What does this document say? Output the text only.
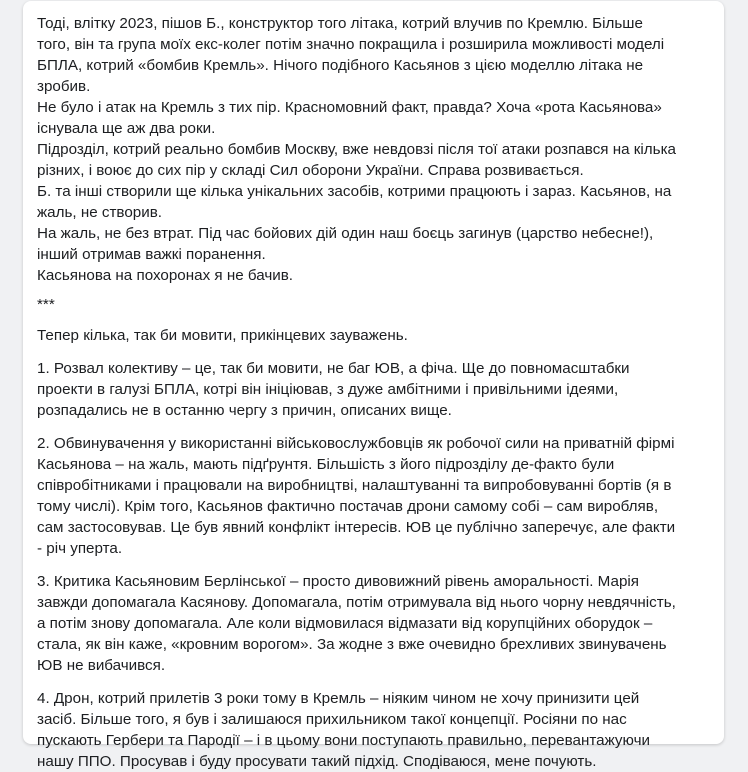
Тоді, влітку 2023, пішов Б., конструктор того літака, котрий влучив по Кремлю. Більше

того, він та група моїх екс-колег потім значно покращила і розширила можливості моделі

БПЛА, котрий «бомбив Кремль». Нічого подібного Касьянов з цією моделлю літака не

зробив.

Не було і атак на Кремль з тих пір. Красномовний факт, правда? Хоча «рота Касьянова»

існувала ще аж два роки.

Підрозділ, котрий реально бомбив Москву, вже невдовзі після тої атаки розпався на кілька

різних, і воює до сих пір у складі Сил оборони України. Справа розвивається.

Б. та інші створили ще кілька унікальних засобів, котрими працюють і зараз. Касьянов, на

жаль, не створив.

На жаль, не без втрат. Під час бойових дій один наш боєць загинув (царство небесне!),

інший отримав важкі поранення.

Касьянова на похоронах я не бачив.

***

Тепер кілька, так би мовити, прикінцевих зауважень.

1. Розвал колективу – це, так би мовити, не баг ЮВ, а фіча. Ще до повномасштабки

проекти в галузі БПЛА, котрі він ініціював, з дуже амбітними і привільними ідеями,

розпадались не в останню чергу з причин, описаних вище.

2. Обвинувачення у використанні військовослужбовців як робочої сили на приватній фірмі

Касьянова – на жаль, мають підґрунтя. Більшість з його підрозділу де-факто були

співробітниками і працювали на виробництві, налаштуванні та випробовуванні бортів (я в

тому числі). Крім того, Касьянов фактично постачав дрони самому собі – сам виробляв,

сам застосовував. Це був явний конфлікт інтересів. ЮВ це публічно заперечує, але факти

- річ уперта.

3. Критика Касьяновим Берлінської – просто дивовижний рівень аморальності. Марія

завжди допомагала Касянову. Допомагала, потім отримувала від нього чорну невдячність,

а потім знову допомагала. Але коли відмовилася відмазати від корупційних оборудок –

стала, як він каже, «кровним ворогом». За жодне з вже очевидно брехливих звинувачень

ЮВ не вибачився.

4. Дрон, котрий прилетів 3 роки тому в Кремль – ніяким чином не хочу принизити цей

засіб. Більше того, я був і залишаюся прихильником такої концепції. Росіяни по нас

пускають Гербери та Пародії – і в цьому вони поступають правильно, перевантажуючи

нашу ППО. Просував і буду просувати такий підхід. Сподіваюся, мене почують.
